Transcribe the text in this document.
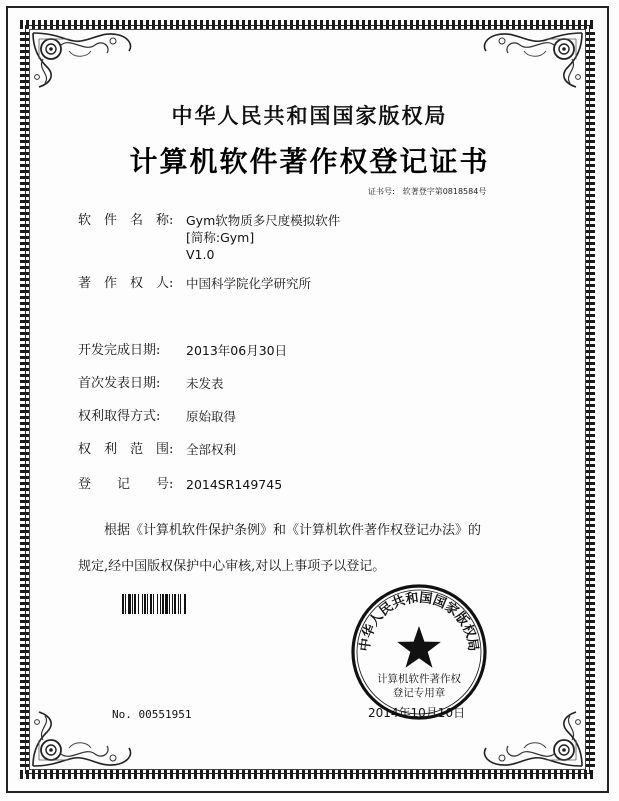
中华人民共和国国家版权局
计算机软件著作权登记证书
证书号: 软著登字第0818584号
软　件　名　称: Gym软物质多尺度模拟软件
[简称:Gym]
V1.0
著　作　权　人: 中国科学院化学研究所
开发完成日期: 2013年06月30日
首次发表日期: 未发表
权利取得方式: 原始取得
权　利　范　围: 全部权利
登　　记　　号: 2014SR149745
　　根据《计算机软件保护条例》和《计算机软件著作权登记办法》的
规定,经中国版权保护中心审核,对以上事项予以登记。
No. 00551951
中华人民共和国国家版权局
计算机软件著作权
登记专用章
2014年10月10日
